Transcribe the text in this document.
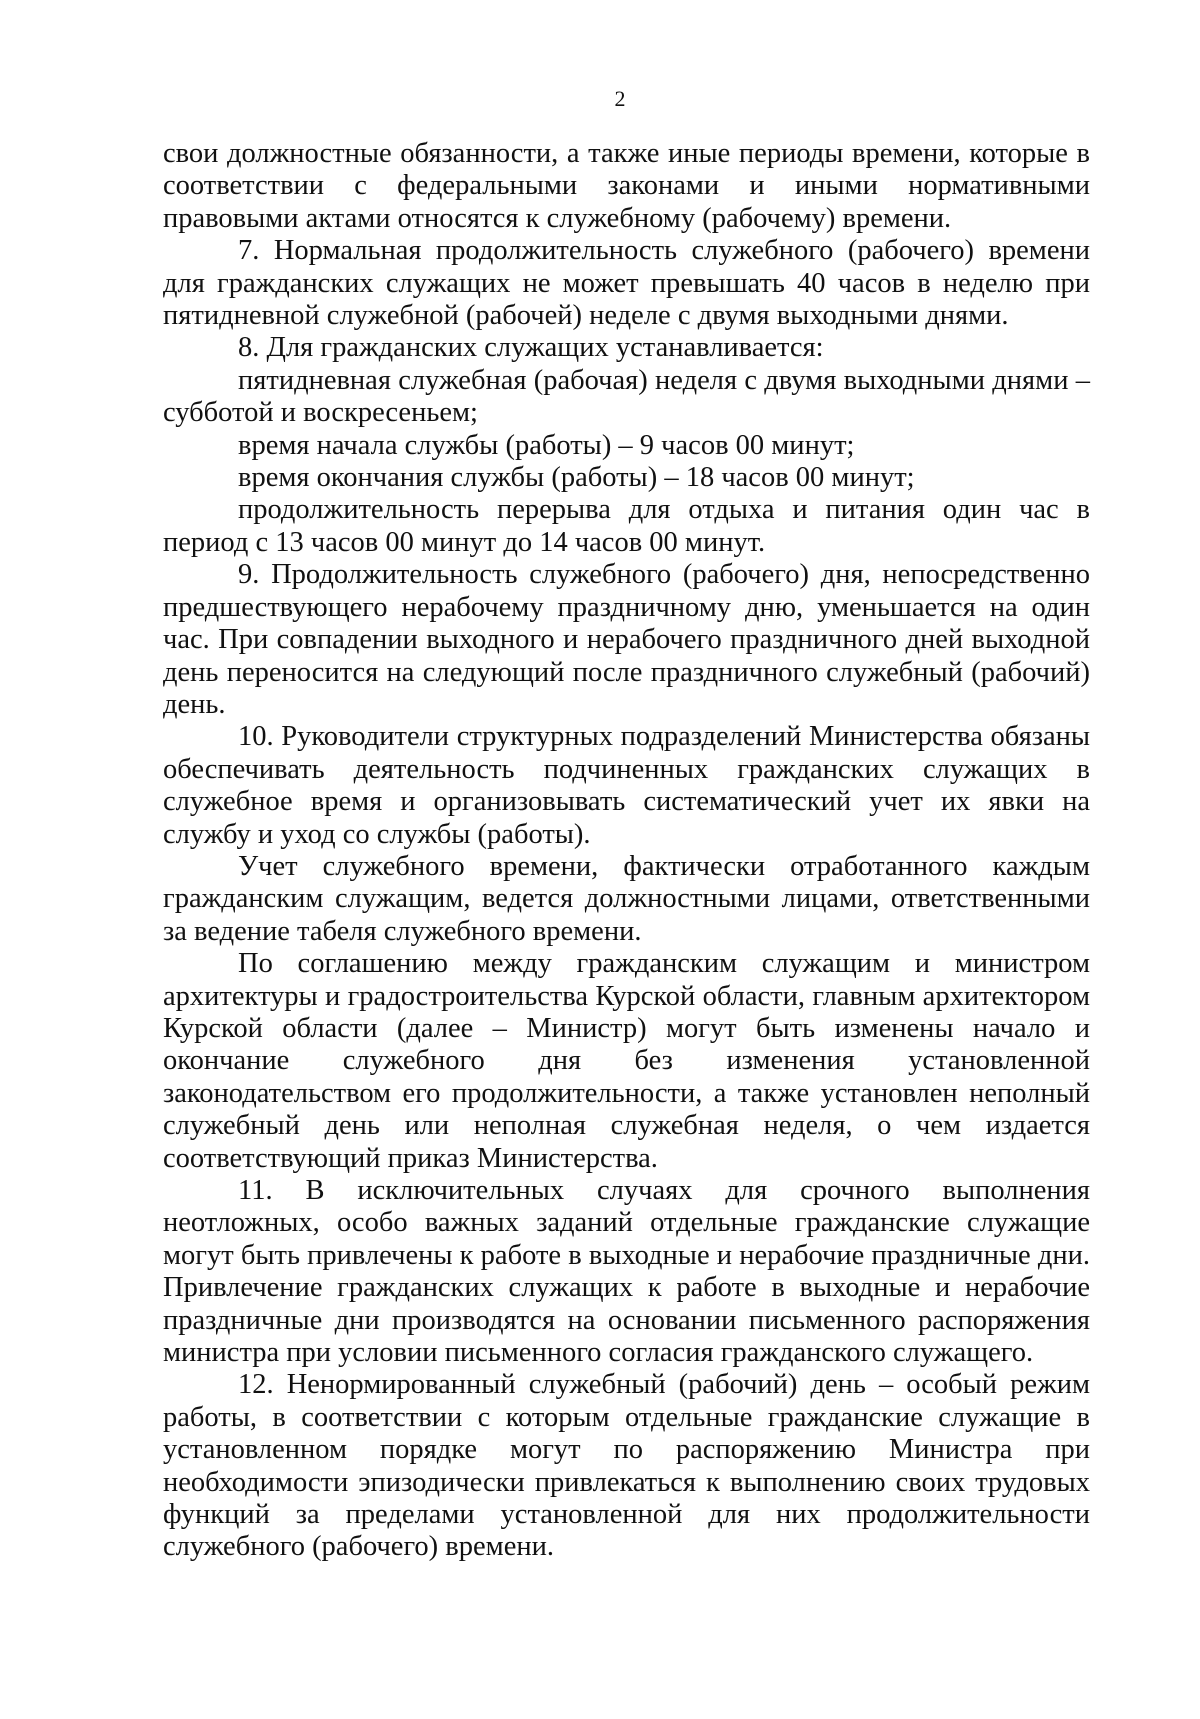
2

свои должностные обязанности, а также иные периоды времени, которые в соответствии с федеральными законами и иными нормативными правовыми актами относятся к служебному (рабочему) времени.

7. Нормальная продолжительность служебного (рабочего) времени для гражданских служащих не может превышать 40 часов в неделю при пятидневной служебной (рабочей) неделе с двумя выходными днями.

8. Для гражданских служащих устанавливается:

пятидневная служебная (рабочая) неделя с двумя выходными днями – субботой и воскресеньем;

время начала службы (работы) – 9 часов 00 минут;

время окончания службы (работы) – 18 часов 00 минут;

продолжительность перерыва для отдыха и питания один час в период с 13 часов 00 минут до 14 часов 00 минут.

9. Продолжительность служебного (рабочего) дня, непосредственно предшествующего нерабочему праздничному дню, уменьшается на один час. При совпадении выходного и нерабочего праздничного дней выходной день переносится на следующий после праздничного служебный (рабочий) день.

10. Руководители структурных подразделений Министерства обязаны обеспечивать деятельность подчиненных гражданских служащих в служебное время и организовывать систематический учет их явки на службу и уход со службы (работы).

Учет служебного времени, фактически отработанного каждым гражданским служащим, ведется должностными лицами, ответственными за ведение табеля служебного времени.

По соглашению между гражданским служащим и министром архитектуры и градостроительства Курской области, главным архитектором Курской области (далее – Министр) могут быть изменены начало и окончание служебного дня без изменения установленной законодательством его продолжительности, а также установлен неполный служебный день или неполная служебная неделя, о чем издается соответствующий приказ Министерства.

11. В исключительных случаях для срочного выполнения неотложных, особо важных заданий отдельные гражданские служащие могут быть привлечены к работе в выходные и нерабочие праздничные дни. Привлечение гражданских служащих к работе в выходные и нерабочие праздничные дни производятся на основании письменного распоряжения министра при условии письменного согласия гражданского служащего.

12. Ненормированный служебный (рабочий) день – особый режим работы, в соответствии с которым отдельные гражданские служащие в установленном порядке могут по распоряжению Министра при необходимости эпизодически привлекаться к выполнению своих трудовых функций за пределами установленной для них продолжительности служебного (рабочего) времени.
